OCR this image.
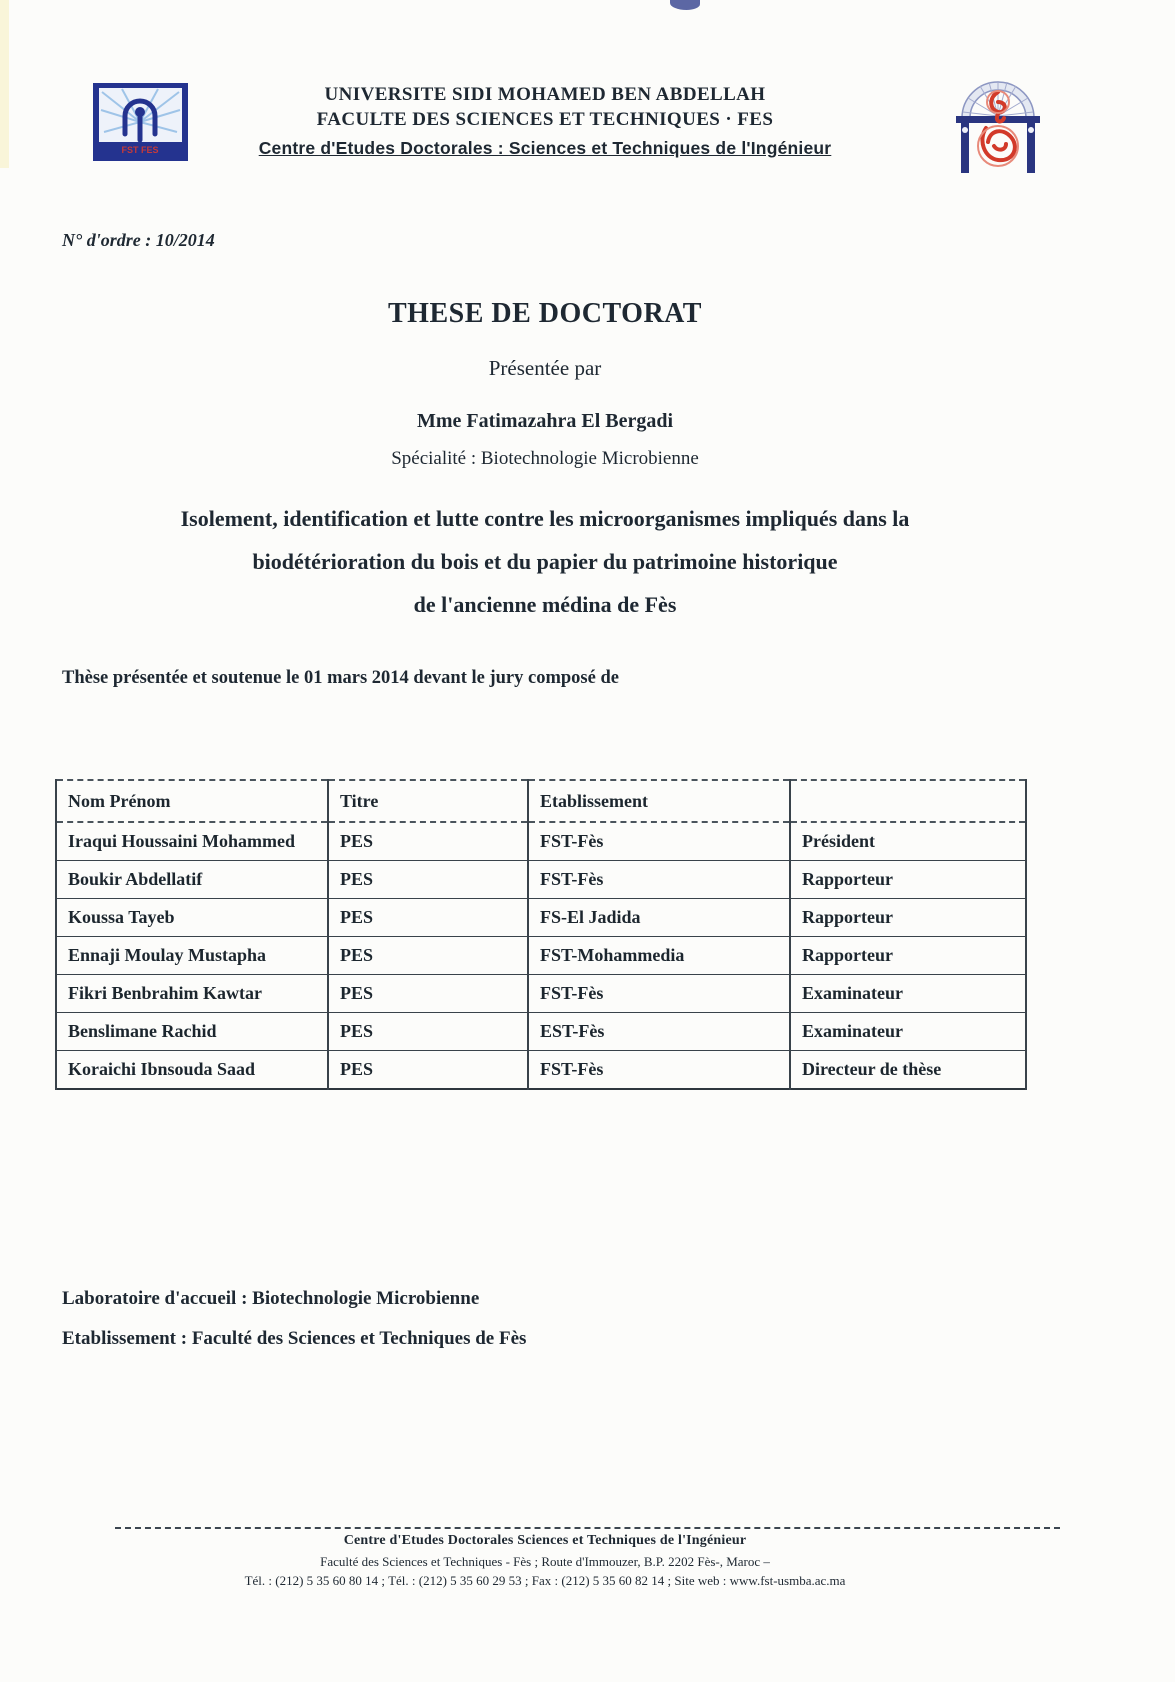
FST FES
UNIVERSITE SIDI MOHAMED BEN ABDELLAH
FACULTE DES SCIENCES ET TECHNIQUES · FES
Centre d'Etudes Doctorales : Sciences et Techniques de l'Ingénieur
N° d'ordre : 10/2014
THESE DE DOCTORAT
Présentée par
Mme Fatimazahra El Bergadi
Spécialité : Biotechnologie Microbienne
Isolement, identification et lutte contre les microorganismes impliqués dans la
biodétérioration du bois et du papier du patrimoine historique
de l'ancienne médina de Fès
Thèse présentée et soutenue le 01 mars 2014 devant le jury composé de
Nom Prénom	Titre	Etablissement	
Iraqui Houssaini Mohammed	PES	FST-Fès	Président
Boukir Abdellatif	PES	FST-Fès	Rapporteur
Koussa Tayeb	PES	FS-El Jadida	Rapporteur
Ennaji Moulay Mustapha	PES	FST-Mohammedia	Rapporteur
Fikri Benbrahim Kawtar	PES	FST-Fès	Examinateur
Benslimane Rachid	PES	EST-Fès	Examinateur
Koraichi Ibnsouda Saad	PES	FST-Fès	Directeur de thèse
Laboratoire d'accueil : Biotechnologie Microbienne
Etablissement : Faculté des Sciences et Techniques de Fès
Centre d'Etudes Doctorales Sciences et Techniques de l'Ingénieur
Faculté des Sciences et Techniques - Fès ; Route d'Immouzer, B.P. 2202 Fès-, Maroc –
Tél. : (212) 5 35 60 80 14 ; Tél. : (212) 5 35 60 29 53 ; Fax : (212) 5 35 60 82 14 ; Site web : www.fst-usmba.ac.ma
